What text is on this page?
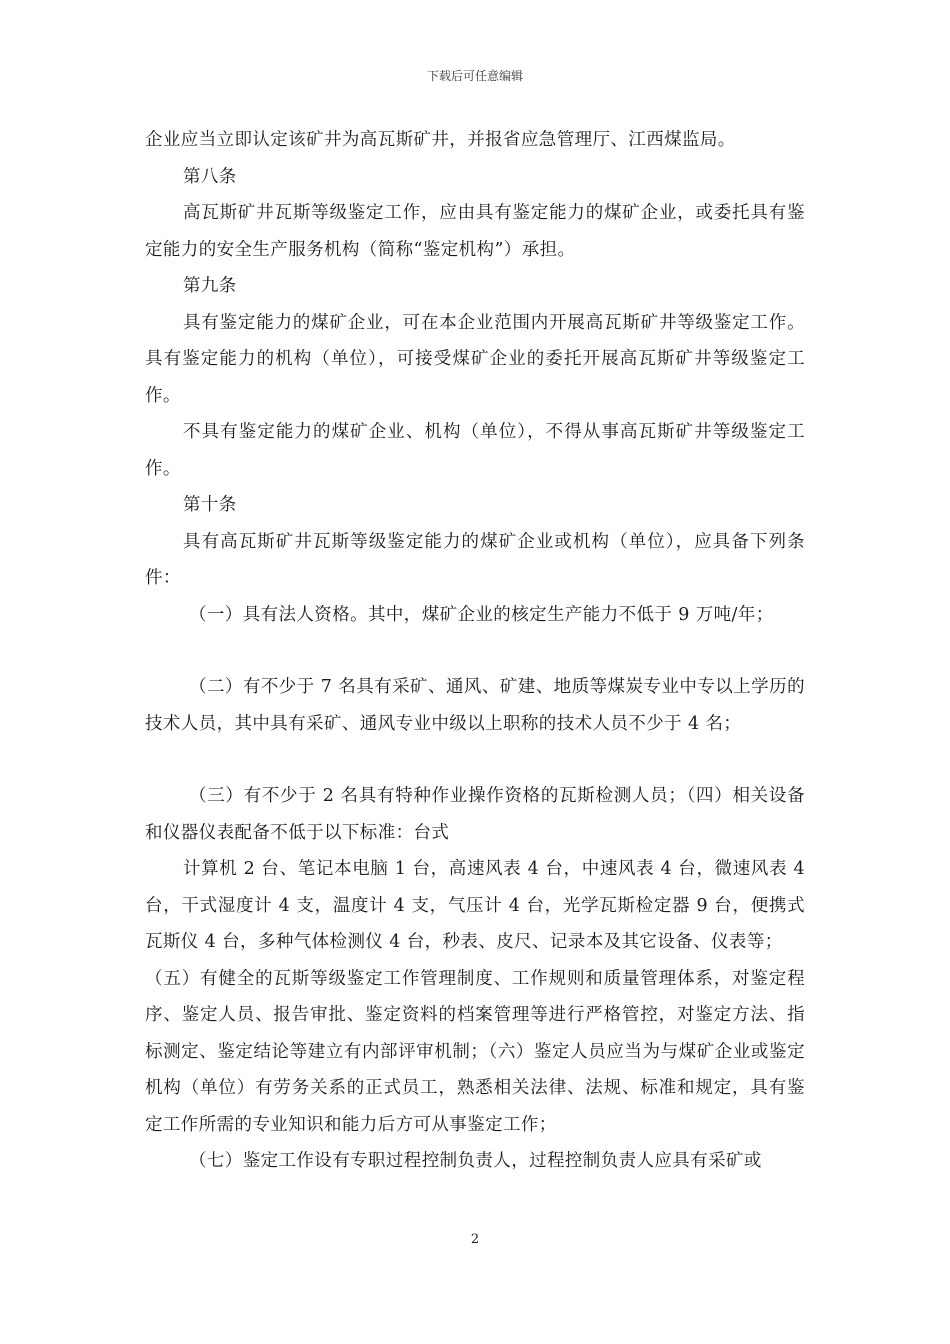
下载后可任意编辑

企业应当立即认定该矿井为高瓦斯矿井，并报省应急管理厅、江西煤监局。

第八条

高瓦斯矿井瓦斯等级鉴定工作，应由具有鉴定能力的煤矿企业，或委托具有鉴定能力的安全生产服务机构（简称“鉴定机构”）承担。

第九条

具有鉴定能力的煤矿企业，可在本企业范围内开展高瓦斯矿井等级鉴定工作。具有鉴定能力的机构（单位），可接受煤矿企业的委托开展高瓦斯矿井等级鉴定工作。

不具有鉴定能力的煤矿企业、机构（单位），不得从事高瓦斯矿井等级鉴定工作。

第十条

具有高瓦斯矿井瓦斯等级鉴定能力的煤矿企业或机构（单位），应具备下列条件：

（一）具有法人资格。其中，煤矿企业的核定生产能力不低于 9 万吨/年；

（二）有不少于 7 名具有采矿、通风、矿建、地质等煤炭专业中专以上学历的技术人员，其中具有采矿、通风专业中级以上职称的技术人员不少于 4 名；

（三）有不少于 2 名具有特种作业操作资格的瓦斯检测人员；（四）相关设备和仪器仪表配备不低于以下标准：台式

计算机 2 台、笔记本电脑 1 台，高速风表 4 台，中速风表 4 台，微速风表 4 台，干式湿度计 4 支，温度计 4 支，气压计 4 台，光学瓦斯检定器 9 台，便携式瓦斯仪 4 台，多种气体检测仪 4 台，秒表、皮尺、记录本及其它设备、仪表等；

（五）有健全的瓦斯等级鉴定工作管理制度、工作规则和质量管理体系，对鉴定程序、鉴定人员、报告审批、鉴定资料的档案管理等进行严格管控，对鉴定方法、指标测定、鉴定结论等建立有内部评审机制；（六）鉴定人员应当为与煤矿企业或鉴定机构（单位）有劳务关系的正式员工，熟悉相关法律、法规、标准和规定，具有鉴定工作所需的专业知识和能力后方可从事鉴定工作；

（七）鉴定工作设有专职过程控制负责人，过程控制负责人应具有采矿或

2
